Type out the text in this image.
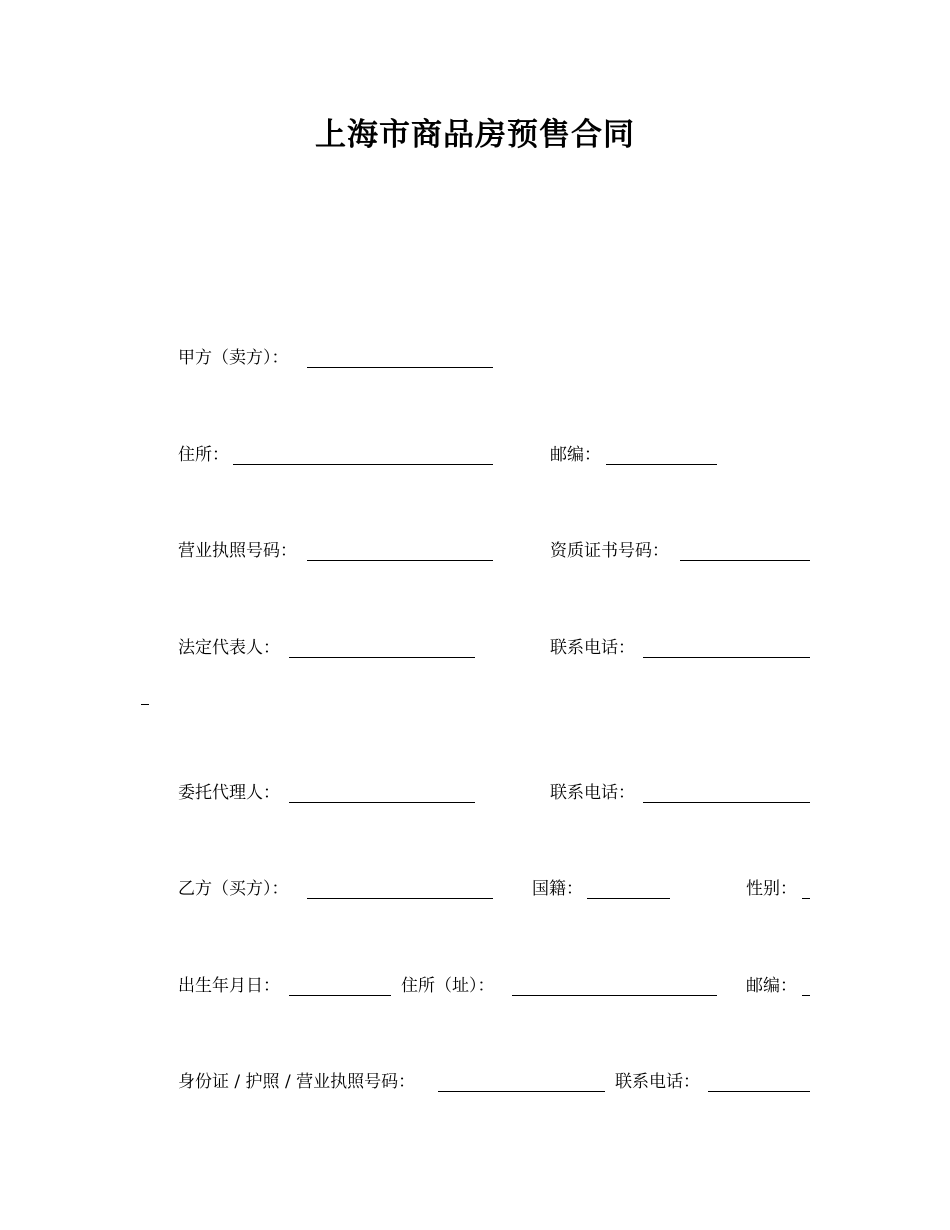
上海市商品房预售合同
甲方（卖方）：
住所：	邮编：
营业执照号码：	资质证书号码：
法定代表人：	联系电话：
委托代理人：	联系电话：
乙方（买方）：	国籍：	性别：
出生年月日：	住所（址）：	邮编：
身份证 / 护照 / 营业执照号码：	联系电话：
